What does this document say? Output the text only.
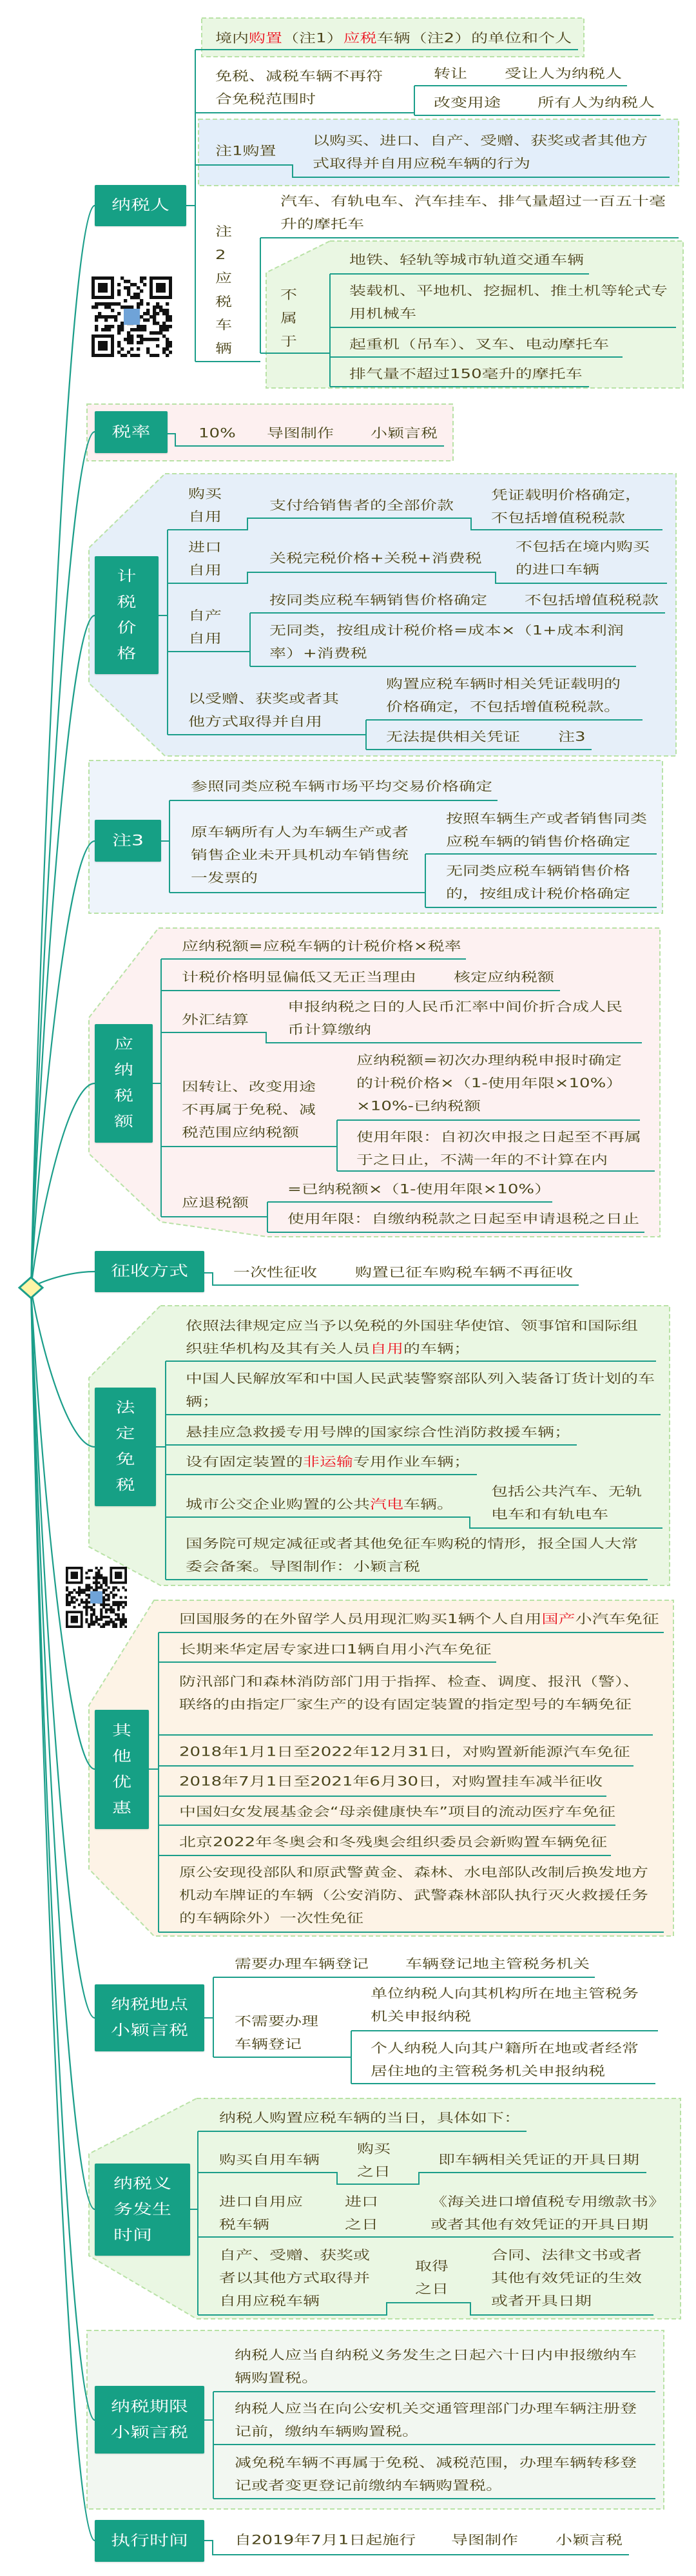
纳税人
境内购置（注1）应税车辆（注2）的单位和个人
免税、减税车辆不再符
合免税范围时
转让 受让人为纳税人
改变用途 所有人为纳税人
注1购置
以购买、进口、自产、受赠、获奖或者其他方
式取得并自用应税车辆的行为
注2应税车辆
汽车、有轨电车、汽车挂车、排气量超过一百五十毫
升的摩托车
不属于
地铁、轻轨等城市轨道交通车辆
装载机、平地机、挖掘机、推土机等轮式专
用机械车
起重机（吊车）、叉车、电动摩托车
排气量不超过150毫升的摩托车
税率	10% 导图制作 小颖言税
计税价格
购买
自用
支付给销售者的全部价款
凭证载明价格确定，
不包括增值税税款
进口
自用
关税完税价格+关税+消费税
不包括在境内购买
的进口车辆
自产
自用
按同类应税车辆销售价格确定 不包括增值税税款
无同类，按组成计税价格=成本×（1+成本利润
率）+消费税
以受赠、获奖或者其
他方式取得并自用
购置应税车辆时相关凭证载明的
价格确定，不包括增值税税款。
无法提供相关凭证 注3
注3
参照同类应税车辆市场平均交易价格确定
原车辆所有人为车辆生产或者
销售企业未开具机动车销售统
一发票的
按照车辆生产或者销售同类
应税车辆的销售价格确定
无同类应税车辆销售价格
的，按组成计税价格确定
应纳税额
应纳税额=应税车辆的计税价格×税率
计税价格明显偏低又无正当理由 核定应纳税额
外汇结算
申报纳税之日的人民币汇率中间价折合成人民
币计算缴纳
因转让、改变用途
不再属于免税、减
税范围应纳税额
应纳税额=初次办理纳税申报时确定
的计税价格×（1-使用年限×10%）
×10%-已纳税额
使用年限：自初次申报之日起至不再属
于之日止，不满一年的不计算在内
应退税额
=已纳税额×（1-使用年限×10%）
使用年限：自缴纳税款之日起至申请退税之日止
征收方式	一次性征收 购置已征车购税车辆不再征收
法定免税
依照法律规定应当予以免税的外国驻华使馆、领事馆和国际组
织驻华机构及其有关人员自用的车辆；
中国人民解放军和中国人民武装警察部队列入装备订货计划的车
辆；
悬挂应急救援专用号牌的国家综合性消防救援车辆；
设有固定装置的非运输专用作业车辆；
城市公交企业购置的公共汽电车辆。
包括公共汽车、无轨
电车和有轨电车
国务院可规定减征或者其他免征车购税的情形，报全国人大常
委会备案。导图制作：小颖言税
其他优惠
回国服务的在外留学人员用现汇购买1辆个人自用国产小汽车免征
长期来华定居专家进口1辆自用小汽车免征
防汛部门和森林消防部门用于指挥、检查、调度、报汛（警）、
联络的由指定厂家生产的设有固定装置的指定型号的车辆免征
2018年1月1日至2022年12月31日，对购置新能源汽车免征
2018年7月1日至2021年6月30日，对购置挂车减半征收
中国妇女发展基金会“母亲健康快车”项目的流动医疗车免征
北京2022年冬奥会和冬残奥会组织委员会新购置车辆免征
原公安现役部队和原武警黄金、森林、水电部队改制后换发地方
机动车牌证的车辆（公安消防、武警森林部队执行灭火救援任务
的车辆除外）一次性免征
纳税地点
小颖言税
需要办理车辆登记 车辆登记地主管税务机关
不需要办理
车辆登记
单位纳税人向其机构所在地主管税务
机关申报纳税
个人纳税人向其户籍所在地或者经常
居住地的主管税务机关申报纳税
纳税义
务发生
时间
纳税人购置应税车辆的当日，具体如下：
购买自用车辆
购买
之日
即车辆相关凭证的开具日期
进口自用应
税车辆
进口
之日
《海关进口增值税专用缴款书》
或者其他有效凭证的开具日期
自产、受赠、获奖或
者以其他方式取得并
自用应税车辆
取得
之日
合同、法律文书或者
其他有效凭证的生效
或者开具日期
纳税期限
小颖言税
纳税人应当自纳税义务发生之日起六十日内申报缴纳车
辆购置税。
纳税人应当在向公安机关交通管理部门办理车辆注册登
记前，缴纳车辆购置税。
减免税车辆不再属于免税、减税范围，办理车辆转移登
记或者变更登记前缴纳车辆购置税。
执行时间	自2019年7月1日起施行 导图制作 小颖言税
